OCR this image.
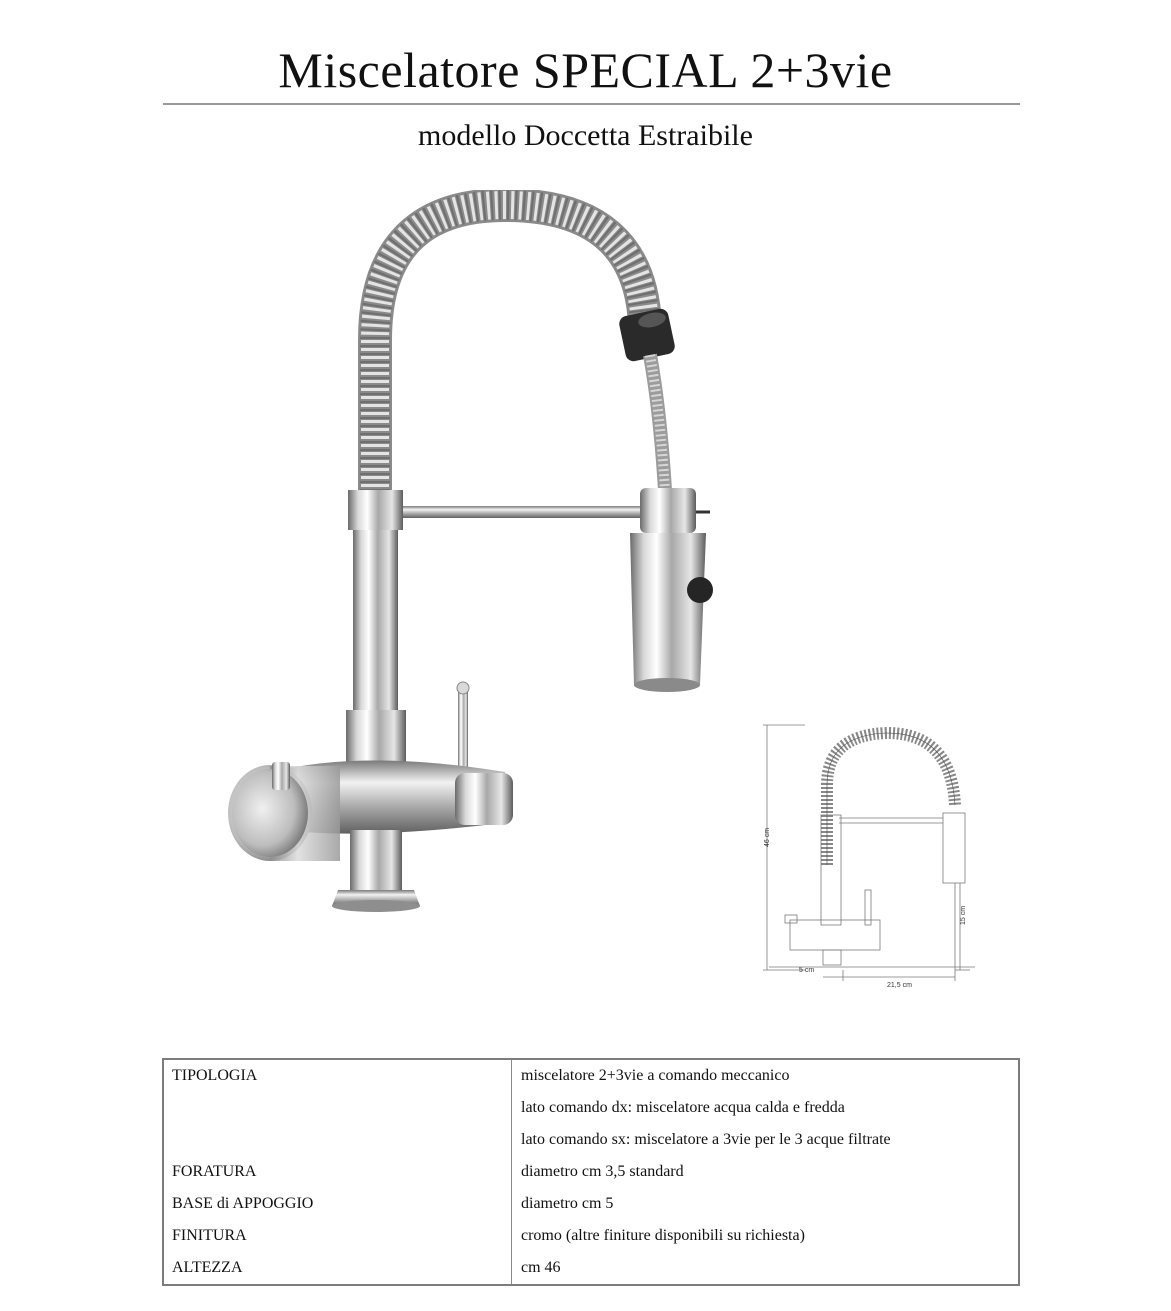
Miscelatore SPECIAL 2+3vie
modello Doccetta Estraibile
46 cm
15 cm
5 cm
21,5 cm
TIPOLOGIA	miscelatore 2+3vie a comando meccanico
	lato comando dx: miscelatore acqua calda e fredda
	lato comando sx: miscelatore a 3vie per le 3 acque filtrate
FORATURA	diametro cm 3,5 standard
BASE di APPOGGIO	diametro cm 5
FINITURA	cromo (altre finiture disponibili su richiesta)
ALTEZZA	cm 46
